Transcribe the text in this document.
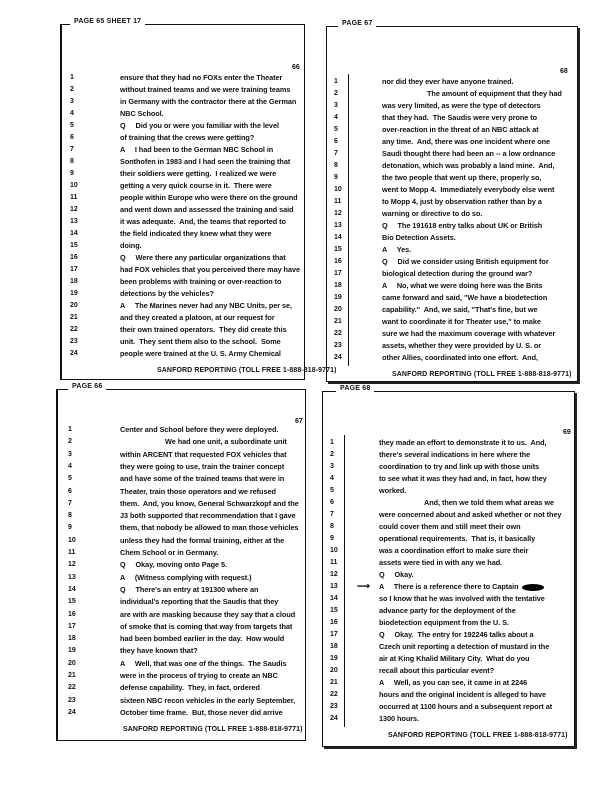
1	ensure that they had no FOXs enter the Theater
2	without trained teams and we were training teams
3	in Germany with the contractor there at the German
4	NBC School.
5	Q     Did you or were you familiar with the level
6	of training that the crews were getting?
7	A     I had been to the German NBC School in
8	Sonthofen in 1983 and I had seen the training that
9	their soldiers were getting.  I realized we were
10	getting a very quick course in it.  There were
11	people within Europe who were there on the ground
12	and went down and assessed the training and said
13	it was adequate.  And, the teams that reported to
14	the field indicated they knew what they were
15	doing.
16	Q     Were there any particular organizations that
17	had FOX vehicles that you perceived there may have
18	been problems with training or over-reaction to
19	detections by the vehicles?
20	A     The Marines never had any NBC Units, per se,
21	and they created a platoon, at our request for
22	their own trained operators.  They did create this
23	unit.  They sent them also to the school.  Some
24	people were trained at the U. S. Army Chemical
SANFORD REPORTING (TOLL FREE 1-888-818-9771)
PAGE 65 SHEET 17
66
1	nor did they ever have anyone trained.
2	The amount of equipment that they had
3	was very limited, as were the type of detectors
4	that they had.  The Saudis were very prone to
5	over-reaction in the threat of an NBC attack at
6	any time.  And, there was one incident where one
7	Saudi thought there had been an -- a low ordnance
8	detonation, which was probably a land mine.  And,
9	the two people that went up there, properly so,
10	went to Mopp 4.  Immediately everybody else went
11	to Mopp 4, just by observation rather than by a
12	warning or directive to do so.
13	Q     The 191618 entry talks about UK or British
14	Bio Detection Assets.
15	A     Yes.
16	Q     Did we consider using British equipment for
17	biological detection during the ground war?
18	A     No, what we were doing here was the Brits
19	came forward and said, "We have a biodetection
20	capability."  And, we said, "That's fine, but we
21	want to coordinate it for Theater use," to make
22	sure we had the maximum coverage with whatever
23	assets, whether they were provided by U. S. or
24	other Allies, coordinated into one effort.  And,
SANFORD REPORTING (TOLL FREE 1-888-818-9771)
PAGE 67
68
1	Center and School before they were deployed.
2	We had one unit, a subordinate unit
3	within ARCENT that requested FOX vehicles that
4	they were going to use, train the trainer concept
5	and have some of the trained teams that were in
6	Theater, train those operators and we refused
7	them.  And, you know, General Schwarzkopf and the
8	J3 both supported that recommendation that I gave
9	them, that nobody be allowed to man those vehicles
10	unless they had the formal training, either at the
11	Chem School or in Germany.
12	Q     Okay, moving onto Page 5.
13	A     (Witness complying with request.)
14	Q     There's an entry at 191300 where an
15	individual's reporting that the Saudis that they
16	are with are masking because they say that a cloud
17	of smoke that is coming that way from targets that
18	had been bombed earlier in the day.  How would
19	they have known that?
20	A     Well, that was one of the things.  The Saudis
21	were in the process of trying to create an NBC
22	defense capability.  They, in fact, ordered
23	sixteen NBC recon vehicles in the early September,
24	October time frame.  But, those never did arrive
SANFORD REPORTING (TOLL FREE 1-888-818-9771)
PAGE 66
67
1	they made an effort to demonstrate it to us.  And,
2	there's several indications in here where the
3	coordination to try and link up with those units
4	to see what it was they had and, in fact, how they
5	worked.
6	And, then we told them what areas we
7	were concerned about and asked whether or not they
8	could cover them and still meet their own
9	operational requirements.  That is, it basically
10	was a coordination effort to make sure their
11	assets were tied in with any we had.
12	Q     Okay.
13	A     There is a reference there to Captain
⟶
14	so I know that he was involved with the tentative
15	advance party for the deployment of the
16	biodetection equipment from the U. S.
17	Q     Okay.  The entry for 192246 talks about a
18	Czech unit reporting a detection of mustard in the
19	air at King Khalid Military City.  What do you
20	recall about this particular event?
21	A     Well, as you can see, it came in at 2246
22	hours and the original incident is alleged to have
23	occurred at 1100 hours and a subsequent report at
24	1300 hours.
SANFORD REPORTING (TOLL FREE 1-888-818-9771)
PAGE 68
69
